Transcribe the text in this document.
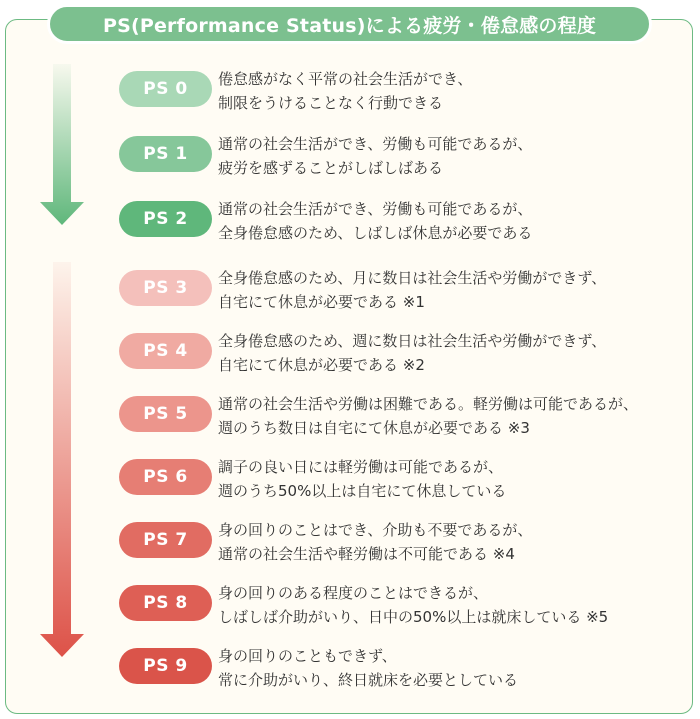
PS(Performance Status)による疲労・倦怠感の程度
PS 0	倦怠感がなく平常の社会生活ができ、
制限をうけることなく行動できる
PS 1	通常の社会生活ができ、労働も可能であるが、
疲労を感ずることがしばしばある
PS 2	通常の社会生活ができ、労働も可能であるが、
全身倦怠感のため、しばしば休息が必要である
PS 3	全身倦怠感のため、月に数日は社会生活や労働ができず、
自宅にて休息が必要である ※1
PS 4	全身倦怠感のため、週に数日は社会生活や労働ができず、
自宅にて休息が必要である ※2
PS 5	通常の社会生活や労働は困難である。軽労働は可能であるが、
週のうち数日は自宅にて休息が必要である ※3
PS 6	調子の良い日には軽労働は可能であるが、
週のうち50%以上は自宅にて休息している
PS 7	身の回りのことはでき、介助も不要であるが、
通常の社会生活や軽労働は不可能である ※4
PS 8	身の回りのある程度のことはできるが、
しばしば介助がいり、日中の50%以上は就床している ※5
PS 9	身の回りのこともできず、
常に介助がいり、終日就床を必要としている
